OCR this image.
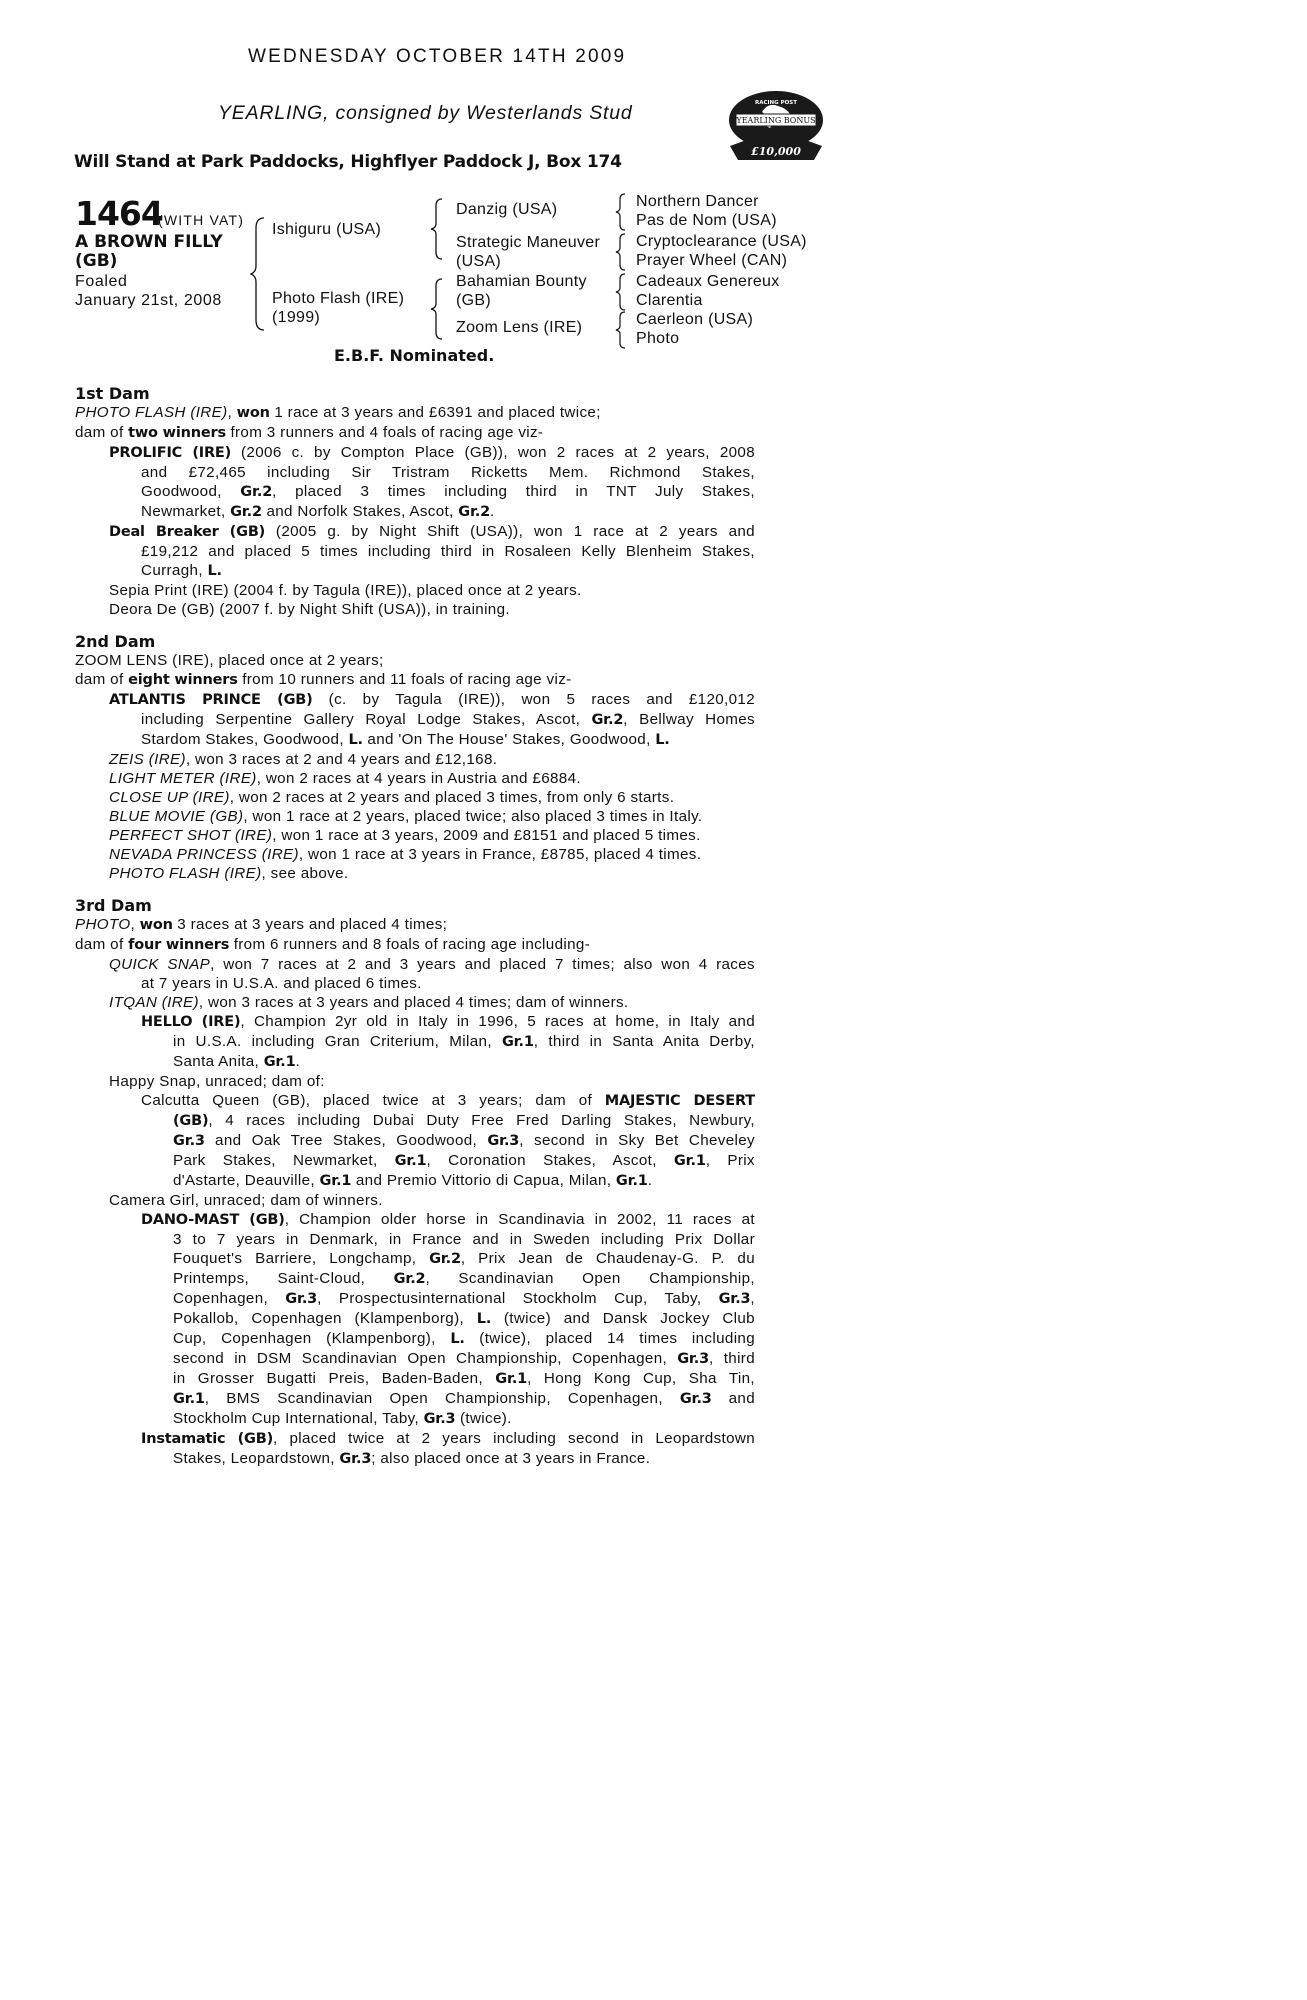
WEDNESDAY OCTOBER 14TH 2009
YEARLING, consigned by Westerlands Stud
Will Stand at Park Paddocks, Highflyer Paddock J, Box 174
YEARLING BONUS
RACING POST
£10,000
1464
(WITH VAT)
A BROWN FILLY
(GB)
Foaled
January 21st, 2008
Ishiguru (USA)
Photo Flash (IRE)
(1999)
Danzig (USA)
Strategic Maneuver
(USA)
Bahamian Bounty
(GB)
Zoom Lens (IRE)
Northern Dancer
Pas de Nom (USA)
Cryptoclearance (USA)
Prayer Wheel (CAN)
Cadeaux Genereux
Clarentia
Caerleon (USA)
Photo
E.B.F. Nominated.
1st Dam
PHOTO FLASH (IRE), won 1 race at 3 years and £6391 and placed twice;
dam of two winners from 3 runners and 4 foals of racing age viz-
PROLIFIC (IRE) (2006 c. by Compton Place (GB)), won 2 races at 2 years, 2008
and £72,465 including Sir Tristram Ricketts Mem. Richmond Stakes,
Goodwood, Gr.2, placed 3 times including third in TNT July Stakes,
Newmarket, Gr.2 and Norfolk Stakes, Ascot, Gr.2.
Deal Breaker (GB) (2005 g. by Night Shift (USA)), won 1 race at 2 years and
£19,212 and placed 5 times including third in Rosaleen Kelly Blenheim Stakes,
Curragh, L.
Sepia Print (IRE) (2004 f. by Tagula (IRE)), placed once at 2 years.
Deora De (GB) (2007 f. by Night Shift (USA)), in training.
2nd Dam
ZOOM LENS (IRE), placed once at 2 years;
dam of eight winners from 10 runners and 11 foals of racing age viz-
ATLANTIS PRINCE (GB) (c. by Tagula (IRE)), won 5 races and £120,012
including Serpentine Gallery Royal Lodge Stakes, Ascot, Gr.2, Bellway Homes
Stardom Stakes, Goodwood, L. and 'On The House' Stakes, Goodwood, L.
ZEIS (IRE), won 3 races at 2 and 4 years and £12,168.
LIGHT METER (IRE), won 2 races at 4 years in Austria and £6884.
CLOSE UP (IRE), won 2 races at 2 years and placed 3 times, from only 6 starts.
BLUE MOVIE (GB), won 1 race at 2 years, placed twice; also placed 3 times in Italy.
PERFECT SHOT (IRE), won 1 race at 3 years, 2009 and £8151 and placed 5 times.
NEVADA PRINCESS (IRE), won 1 race at 3 years in France, £8785, placed 4 times.
PHOTO FLASH (IRE), see above.
3rd Dam
PHOTO, won 3 races at 3 years and placed 4 times;
dam of four winners from 6 runners and 8 foals of racing age including-
QUICK SNAP, won 7 races at 2 and 3 years and placed 7 times; also won 4 races
at 7 years in U.S.A. and placed 6 times.
ITQAN (IRE), won 3 races at 3 years and placed 4 times; dam of winners.
HELLO (IRE), Champion 2yr old in Italy in 1996, 5 races at home, in Italy and
in U.S.A. including Gran Criterium, Milan, Gr.1, third in Santa Anita Derby,
Santa Anita, Gr.1.
Happy Snap, unraced; dam of:
Calcutta Queen (GB), placed twice at 3 years; dam of MAJESTIC DESERT
(GB), 4 races including Dubai Duty Free Fred Darling Stakes, Newbury,
Gr.3 and Oak Tree Stakes, Goodwood, Gr.3, second in Sky Bet Cheveley
Park Stakes, Newmarket, Gr.1, Coronation Stakes, Ascot, Gr.1, Prix
d'Astarte, Deauville, Gr.1 and Premio Vittorio di Capua, Milan, Gr.1.
Camera Girl, unraced; dam of winners.
DANO-MAST (GB), Champion older horse in Scandinavia in 2002, 11 races at
3 to 7 years in Denmark, in France and in Sweden including Prix Dollar
Fouquet's Barriere, Longchamp, Gr.2, Prix Jean de Chaudenay-G. P. du
Printemps, Saint-Cloud, Gr.2, Scandinavian Open Championship,
Copenhagen, Gr.3, Prospectusinternational Stockholm Cup, Taby, Gr.3,
Pokallob, Copenhagen (Klampenborg), L. (twice) and Dansk Jockey Club
Cup, Copenhagen (Klampenborg), L. (twice), placed 14 times including
second in DSM Scandinavian Open Championship, Copenhagen, Gr.3, third
in Grosser Bugatti Preis, Baden-Baden, Gr.1, Hong Kong Cup, Sha Tin,
Gr.1, BMS Scandinavian Open Championship, Copenhagen, Gr.3 and
Stockholm Cup International, Taby, Gr.3 (twice).
Instamatic (GB), placed twice at 2 years including second in Leopardstown
Stakes, Leopardstown, Gr.3; also placed once at 3 years in France.
